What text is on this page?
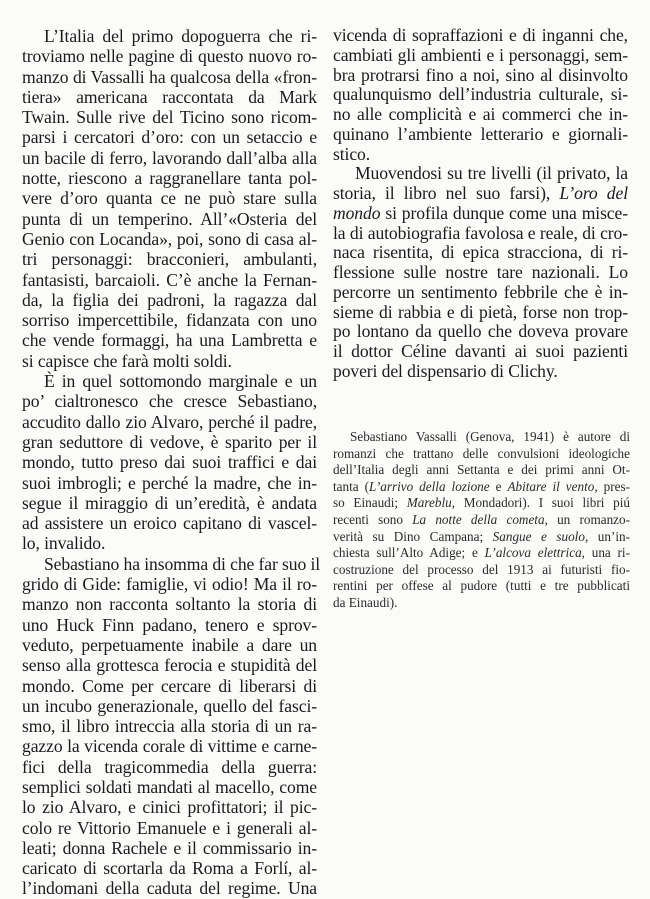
L’Italia del primo dopoguerra che ri-
troviamo nelle pagine di questo nuovo ro-
manzo di Vassalli ha qualcosa della «fron-
tiera» americana raccontata da Mark
Twain. Sulle rive del Ticino sono ricom-
parsi i cercatori d’oro: con un setaccio e
un bacile di ferro, lavorando dall’alba alla
notte, riescono a raggranellare tanta pol-
vere d’oro quanta ce ne può stare sulla
punta di un temperino. All’«Osteria del
Genio con Locanda», poi, sono di casa al-
tri personaggi: bracconieri, ambulanti,
fantasisti, barcaioli. C’è anche la Fernan-
da, la figlia dei padroni, la ragazza dal
sorriso impercettibile, fidanzata con uno
che vende formaggi, ha una Lambretta e
si capisce che farà molti soldi.
È in quel sottomondo marginale e un
po’ cialtronesco che cresce Sebastiano,
accudito dallo zio Alvaro, perché il padre,
gran seduttore di vedove, è sparito per il
mondo, tutto preso dai suoi traffici e dai
suoi imbrogli; e perché la madre, che in-
segue il miraggio di un’eredità, è andata
ad assistere un eroico capitano di vascel-
lo, invalido.
Sebastiano ha insomma di che far suo il
grido di Gide: famiglie, vi odio! Ma il ro-
manzo non racconta soltanto la storia di
uno Huck Finn padano, tenero e sprov-
veduto, perpetuamente inabile a dare un
senso alla grottesca ferocia e stupidità del
mondo. Come per cercare di liberarsi di
un incubo generazionale, quello del fasci-
smo, il libro intreccia alla storia di un ra-
gazzo la vicenda corale di vittime e carne-
fici della tragicommedia della guerra:
semplici soldati mandati al macello, come
lo zio Alvaro, e cinici profittatori; il pic-
colo re Vittorio Emanuele e i generali al-
leati; donna Rachele e il commissario in-
caricato di scortarla da Roma a Forlí, al-
l’indomani della caduta del regime. Una
vicenda di sopraffazioni e di inganni che,
cambiati gli ambienti e i personaggi, sem-
bra protrarsi fino a noi, sino al disinvolto
qualunquismo dell’industria culturale, si-
no alle complicità e ai commerci che in-
quinano l’ambiente letterario e giornali-
stico.
Muovendosi su tre livelli (il privato, la
storia, il libro nel suo farsi), L’oro del
mondo si profila dunque come una misce-
la di autobiografia favolosa e reale, di cro-
naca risentita, di epica stracciona, di ri-
flessione sulle nostre tare nazionali. Lo
percorre un sentimento febbrile che è in-
sieme di rabbia e di pietà, forse non trop-
po lontano da quello che doveva provare
il dottor Céline davanti ai suoi pazienti
poveri del dispensario di Clichy.
Sebastiano Vassalli (Genova, 1941) è autore di
romanzi che trattano delle convulsioni ideologiche
dell’Italia degli anni Settanta e dei primi anni Ot-
tanta (L’arrivo della lozione e Abitare il vento, pres-
so Einaudi; Mareblu, Mondadori). I suoi libri piú
recenti sono La notte della cometa, un romanzo-
verità su Dino Campana; Sangue e suolo, un’in-
chiesta sull’Alto Adige; e L’alcova elettrica, una ri-
costruzione del processo del 1913 ai futuristi fio-
rentini per offese al pudore (tutti e tre pubblicati
da Einaudi).
